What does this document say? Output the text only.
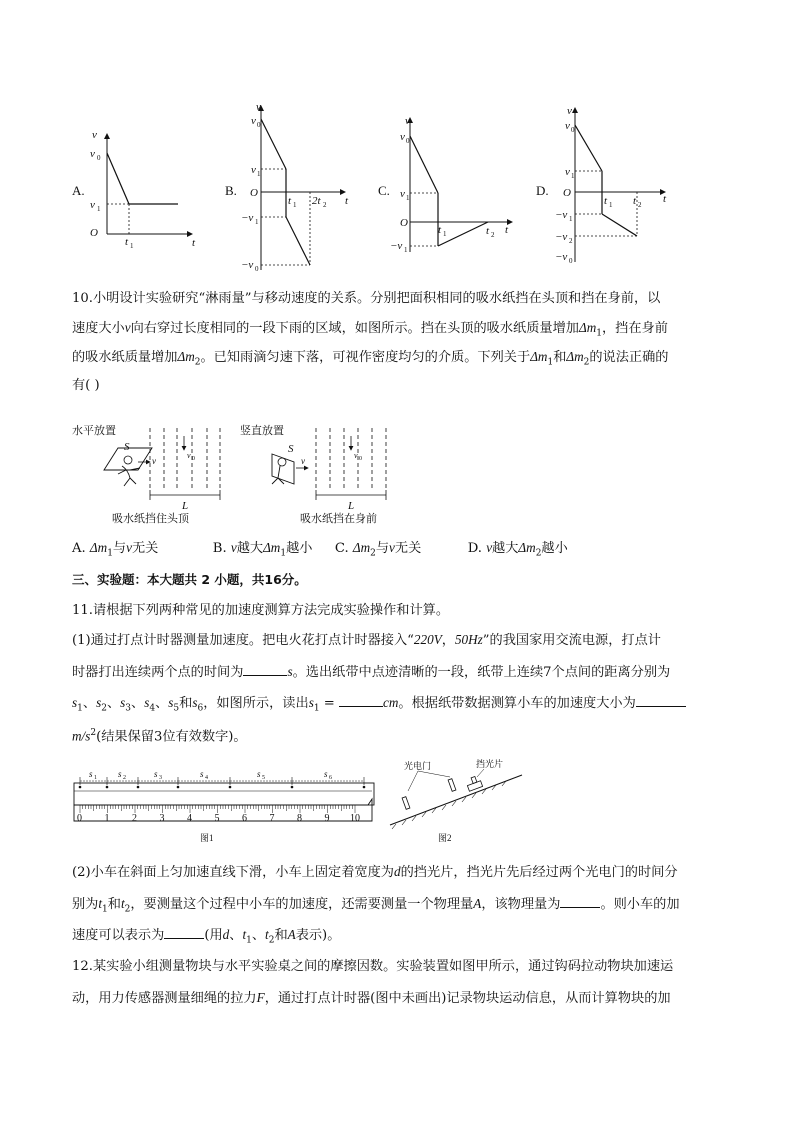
A.
v
t
O
v 0
v 1
t 1
B.
v
t
O
v 0
v 1
−v 1
−v 0
t 1 2t 2
C.
v
t
O
v 0
v 1
−v 1
t 1	t 2
D.
v
t
O
v 0
v 1
−v 1
−v 2
−v 0
t 1 t 2
10.小明设计实验研究“淋雨量”与移动速度的关系。分别把面积相同的吸水纸挡在头顶和挡在身前，以
速度大小v向右穿过长度相同的一段下雨的区域，如图所示。挡在头顶的吸水纸质量增加$\Delta m_1$，挡在身前
的吸水纸质量增加$\Delta m_2$。已知雨滴匀速下落，可视作密度均匀的介质。下列关于$\Delta m_1$和$\Delta m_2$的说法正确的
有( )
水平放置
S
v
v 0
L
吸水纸挡住头顶
竖直放置
S
v
v 0
L
吸水纸挡在身前
A. $\Delta m_1$与v无关	B. v越大$\Delta m_1$越小 C. $\Delta m_2$与v无关	D. v越大$\Delta m_2$越小
三、实验题：本大题共 2 小题，共16分。
11.请根据下列两种常见的加速度测算方法完成实验操作和计算。
(1)通过打点计时器测量加速度。把电火花打点计时器接入“220V，50Hz”的我国家用交流电源，打点计
时器打出连续两个点的时间为	s。选出纸带中点迹清晰的一段，纸带上连续7个点间的距离分别为
$s_1$、$s_2$、$s_3$、$s_4$、$s_5$和$s_6$，如图所示，读出$s_1$ =	cm。根据纸带数据测算小车的加速度大小为
$m/s^2$(结果保留3位有效数字)。
s 1 s 2	s 3	s 4	s 5	s 6
0 1 2 3 4 5 6 7 8 9 10
图1
光电门	挡光片
图2
(2)小车在斜面上匀加速直线下滑，小车上固定着宽度为d的挡光片，挡光片先后经过两个光电门的时间分
别为$t_1$和$t_2$，要测量这个过程中小车的加速度，还需要测量一个物理量A，该物理量为	。则小车的加
速度可以表示为	(用d、$t_1$、$t_2$和A表示)。
12.某实验小组测量物块与水平实验桌之间的摩擦因数。实验装置如图甲所示，通过钩码拉动物块加速运
动，用力传感器测量细绳的拉力F，通过打点计时器(图中未画出)记录物块运动信息，从而计算物块的加
